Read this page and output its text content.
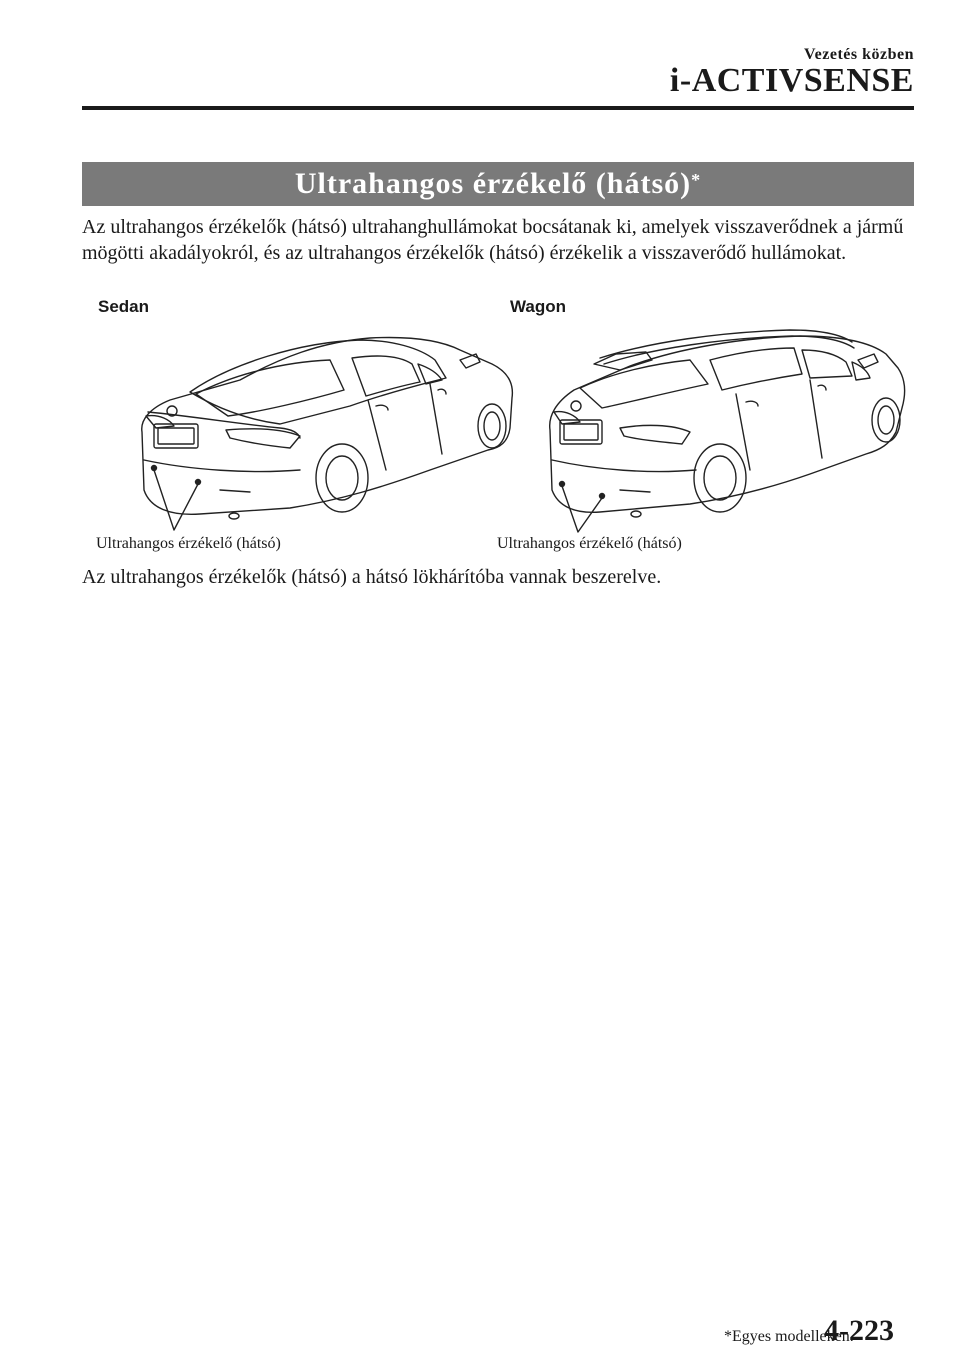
Vezetés közben
i-ACTIVSENSE
Ultrahangos érzékelő (hátsó)*

Az ultrahangos érzékelők (hátsó) ultrahanghullámokat bocsátanak ki, amelyek visszaverődnek a jármű mögötti akadályokról, és az ultrahangos érzékelők (hátsó) érzékelik a visszaverődő hullámokat.

Sedan	Wagon
Ultrahangos érzékelő (hátsó)	Ultrahangos érzékelő (hátsó)

Az ultrahangos érzékelők (hátsó) a hátsó lökhárítóba vannak beszerelve.

*Egyes modelleken.
4-223
